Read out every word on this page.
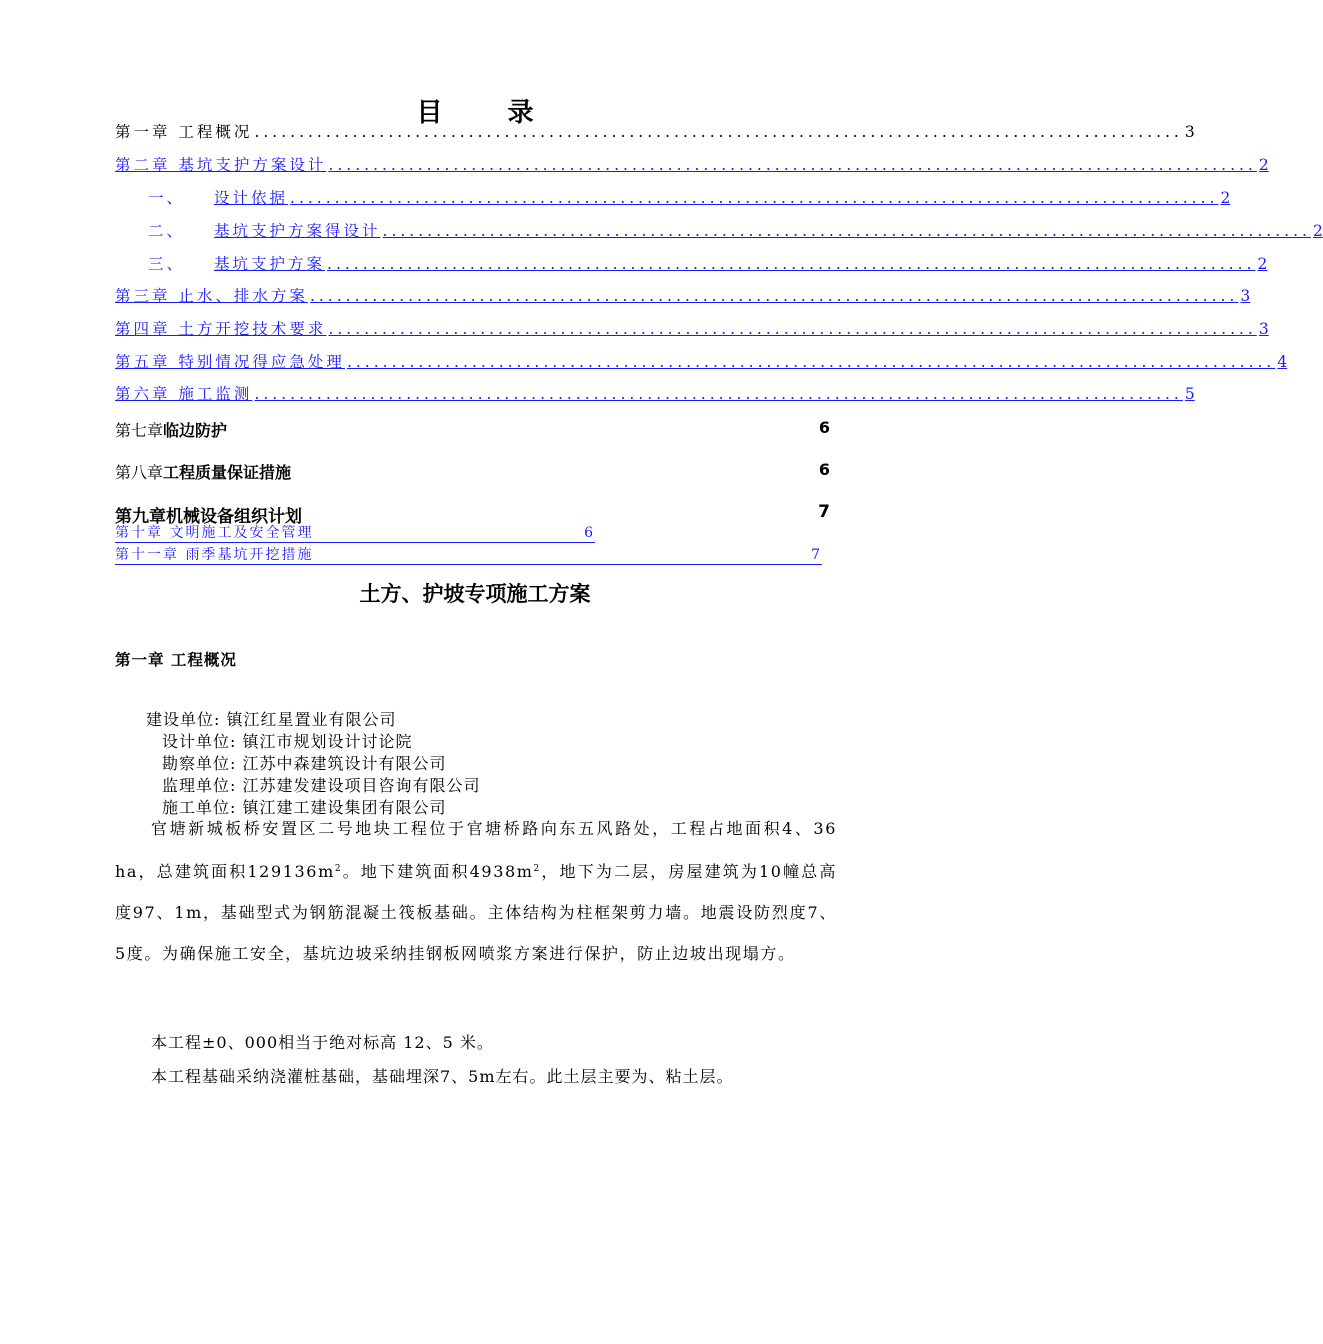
目 录
第一章 工程概况 ........................................................................................................ 3
第二章 基坑支护方案设计 ........................................................................................................ 2
一、 设计依据 ........................................................................................................ 2
二、 基坑支护方案得设计 ........................................................................................................ 2
三、 基坑支护方案 ........................................................................................................ 2
第三章 止水、排水方案 ........................................................................................................ 3
第四章 土方开挖技术要求 ........................................................................................................ 3
第五章 特别情况得应急处理 ........................................................................................................ 4
第六章 施工监测 ........................................................................................................ 5
第七章临边防护	6
第八章工程质量保证措施	6
第九章机械设备组织计划	7
第十章 文明施工及安全管理	6
第十一章 雨季基坑开挖措施	7
土方、护坡专项施工方案
第一章 工程概况
建设单位: 镇江红星置业有限公司
设计单位: 镇江市规划设计讨论院
勘察单位: 江苏中森建筑设计有限公司
监理单位: 江苏建发建设项目咨询有限公司
施工单位: 镇江建工建设集团有限公司
官塘新城板桥安置区二号地块工程位于官塘桥路向东五风路处，工程占地面积4、36 ha，总建筑面积$129136m^2$。地下建筑面积$4938m^2$，地下为二层，房屋建筑为10幢总高度97、1m，基础型式为钢筋混凝土筏板基础。主体结构为柱框架剪力墙。地震设防烈度7、5度。为确保施工安全，基坑边坡采纳挂钢板网喷浆方案进行保护，防止边坡出现塌方。
本工程±0、000相当于绝对标高 12、5 米。
本工程基础采纳浇灌桩基础，基础埋深7、5m左右。此土层主要为、粘土层。
